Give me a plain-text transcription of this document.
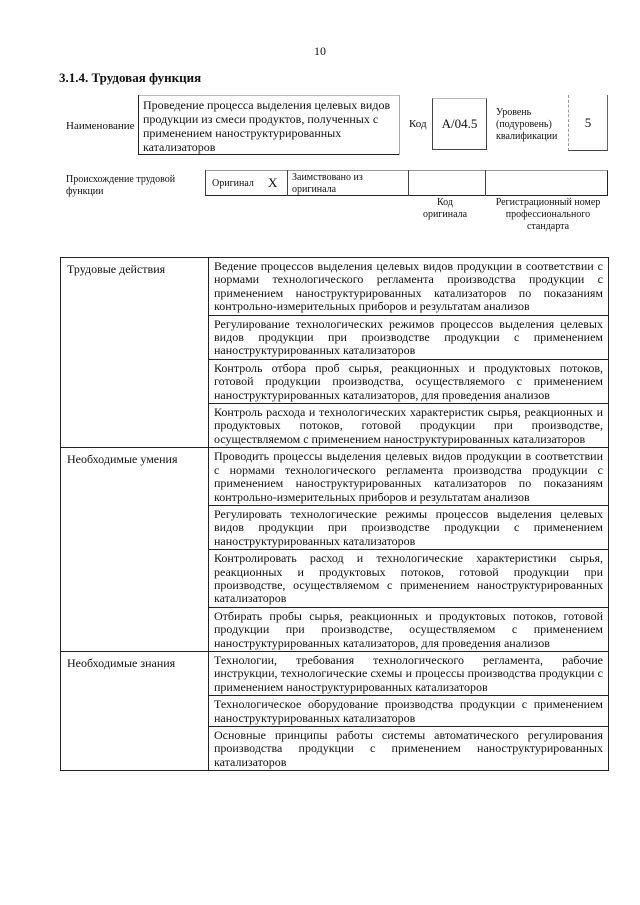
10
3.1.4. Трудовая функция
Наименование
Проведение процесса выделения целевых видов продукции из смеси продуктов, полученных с применением наноструктурированных катализаторов
Код	А/04.5
Уровень (подуровень) квалификации
5
Происхождение трудовой функции
Оригинал X Заимствовано из оригинала
Код оригинала
Регистрационный номер профессионального стандарта
Трудовые действия	Ведение процессов выделения целевых видов продукции в соответствии с нормами технологического регламента производства продукции с применением наноструктурированных катализаторов по показаниям контрольно-измерительных приборов и результатам анализов
	Регулирование технологических режимов процессов выделения целевых видов продукции при производстве продукции с применением наноструктурированных катализаторов
	Контроль отбора проб сырья, реакционных и продуктовых потоков, готовой продукции производства, осуществляемого с применением наноструктурированных катализаторов, для проведения анализов
	Контроль расхода и технологических характеристик сырья, реакционных и продуктовых потоков, готовой продукции при производстве, осуществляемом с применением наноструктурированных катализаторов
Необходимые умения	Проводить процессы выделения целевых видов продукции в соответствии с нормами технологического регламента производства продукции с применением наноструктурированных катализаторов по показаниям контрольно-измерительных приборов и результатам анализов
	Регулировать технологические режимы процессов выделения целевых видов продукции при производстве продукции с применением наноструктурированных катализаторов
	Контролировать расход и технологические характеристики сырья, реакционных и продуктовых потоков, готовой продукции при производстве, осуществляемом с применением наноструктурированных катализаторов
	Отбирать пробы сырья, реакционных и продуктовых потоков, готовой продукции при производстве, осуществляемом с применением наноструктурированных катализаторов, для проведения анализов
Необходимые знания	Технологии, требования технологического регламента, рабочие инструкции, технологические схемы и процессы производства продукции с применением наноструктурированных катализаторов
	Технологическое оборудование производства продукции с применением наноструктурированных катализаторов
	Основные принципы работы системы автоматического регулирования производства продукции с применением наноструктурированных катализаторов
